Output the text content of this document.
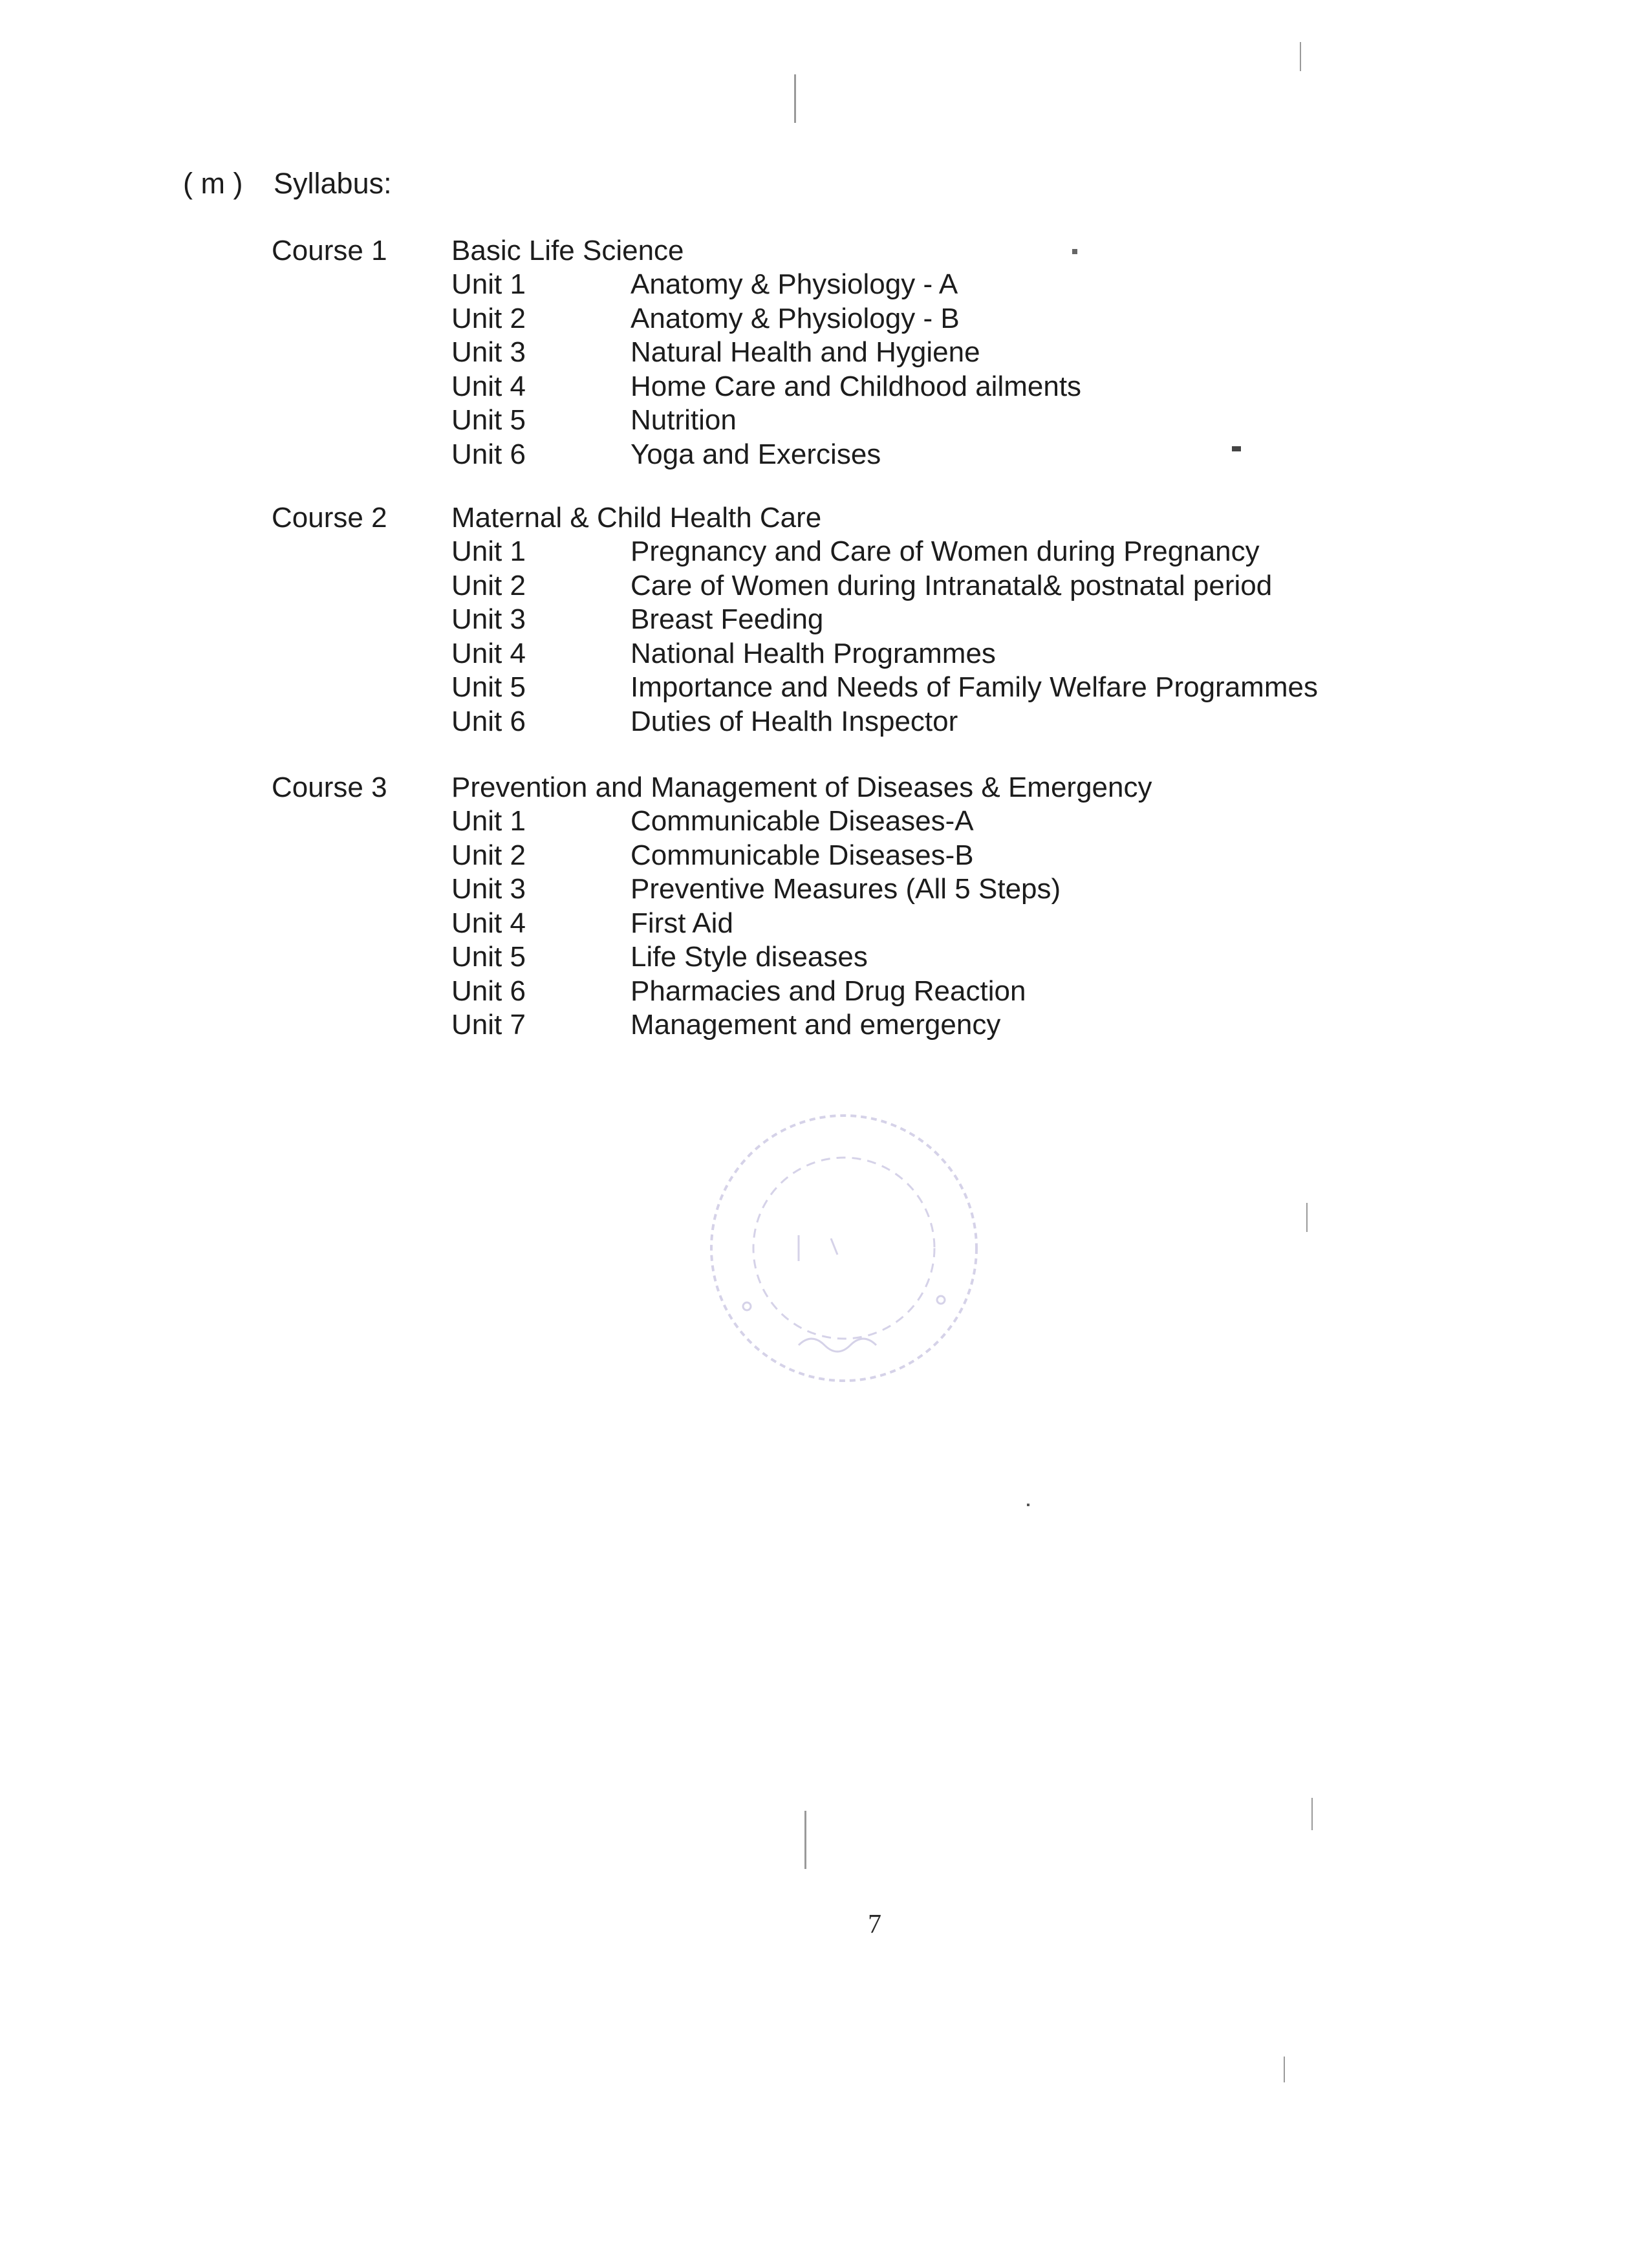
( m ) Syllabus:
Course 1 Basic Life Science
Unit 1	Anatomy & Physiology - A
Unit 2	Anatomy & Physiology - B
Unit 3	Natural Health and Hygiene
Unit 4	Home Care and Childhood ailments
Unit 5	Nutrition
Unit 6	Yoga and Exercises
Course 2 Maternal & Child Health Care
Unit 1	Pregnancy and Care of Women during Pregnancy
Unit 2	Care of Women during Intranatal& postnatal period
Unit 3	Breast Feeding
Unit 4	National Health Programmes
Unit 5	Importance and Needs of Family Welfare Programmes
Unit 6	Duties of Health Inspector
Course 3 Prevention and Management of Diseases & Emergency
Unit 1	Communicable Diseases-A
Unit 2	Communicable Diseases-B
Unit 3	Preventive Measures (All 5 Steps)
Unit 4	First Aid
Unit 5	Life Style diseases
Unit 6	Pharmacies and Drug Reaction
Unit 7	Management and emergency
7
